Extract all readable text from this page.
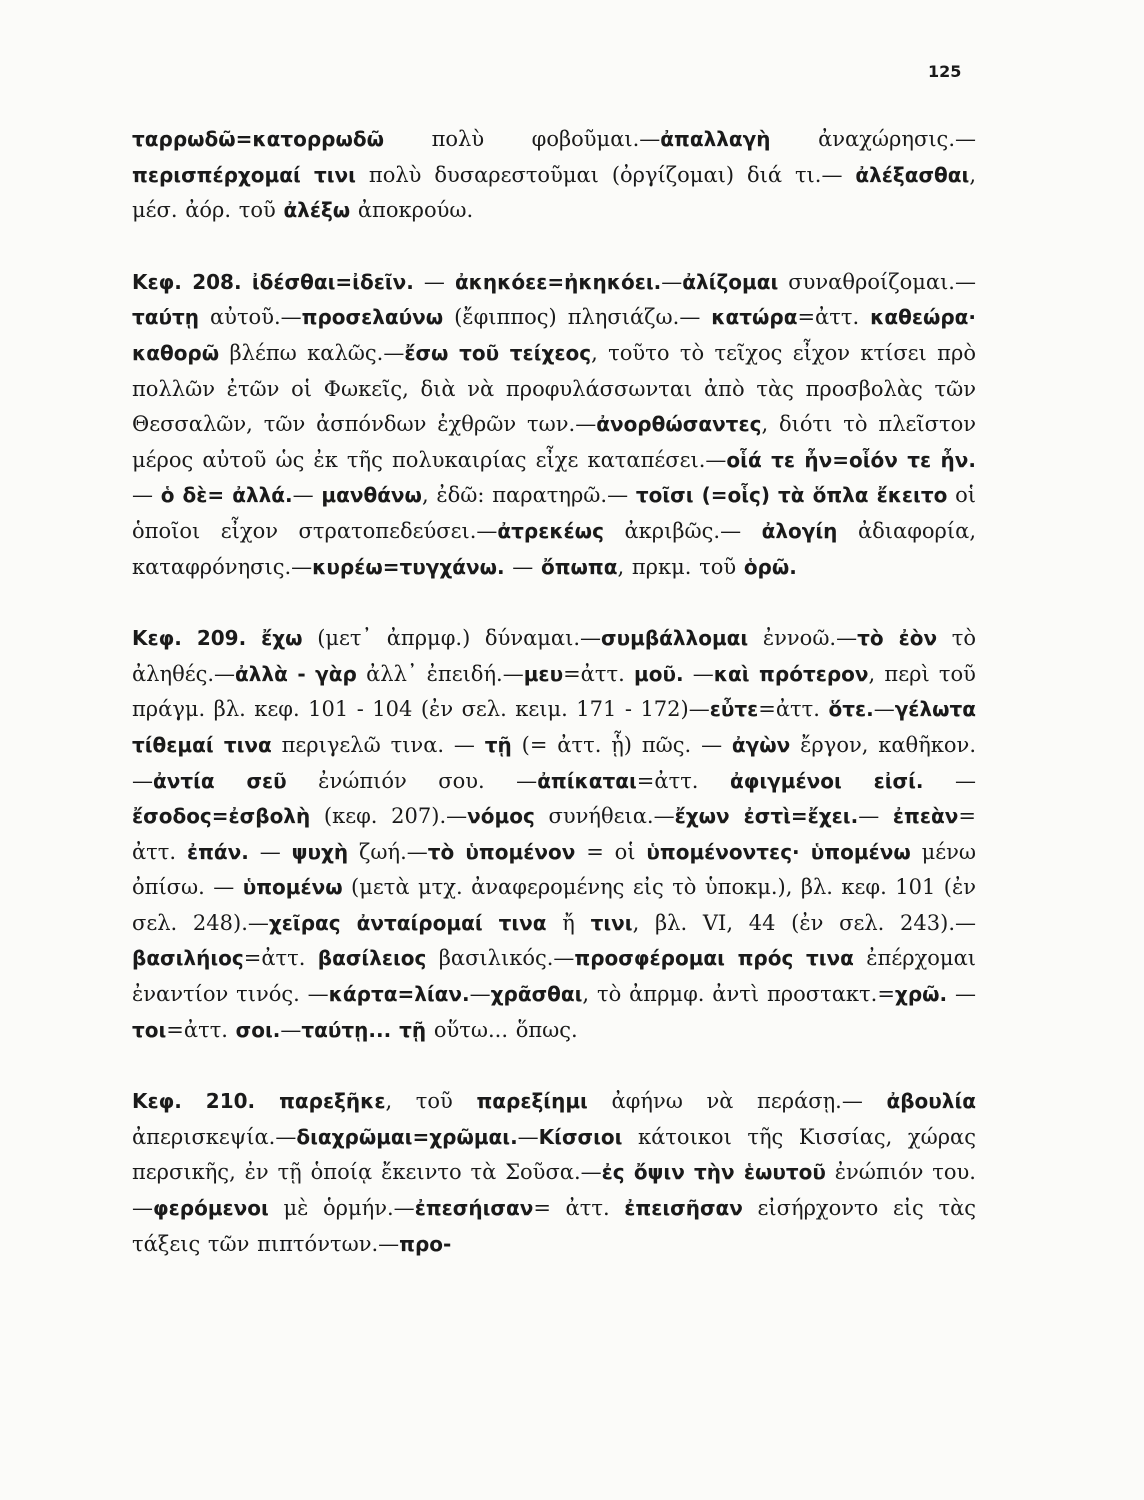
125

ταρρωδῶ=κατορρωδῶ πολὺ φοβοῦμαι.—ἀπαλλαγὴ ἀναχώρησις.— περισπέρχομαί τινι πολὺ δυσαρεστοῦμαι (ὀργίζομαι) διά τι.— ἀλέξασθαι, μέσ. ἀόρ. τοῦ ἀλέξω ἀποκρούω.

Κεφ. 208. ἰδέσθαι=ἰδεῖν. — ἀκηκόεε=ἠκηκόει.—ἀλίζομαι συναθροίζομαι.—ταύτῃ αὐτοῦ.—προσελαύνω (ἔφιππος) πλησιάζω.— κατώρα=ἀττ. καθεώρα· καθορῶ βλέπω καλῶς.—ἔσω τοῦ τείχεος, τοῦτο τὸ τεῖχος εἶχον κτίσει πρὸ πολλῶν ἐτῶν οἱ Φωκεῖς, διὰ νὰ προφυλάσσωνται ἀπὸ τὰς προσβολὰς τῶν Θεσσαλῶν, τῶν ἀσπόνδων ἐχθρῶν των.—ἀνορθώσαντες, διότι τὸ πλεῖστον μέρος αὐτοῦ ὡς ἐκ τῆς πολυκαιρίας εἶχε καταπέσει.—οἷά τε ἦν=οἷόν τε ἦν.— ὁ δὲ= ἀλλά.— μανθάνω, ἐδῶ: παρατηρῶ.— τοῖσι (=οἷς) τὰ ὅπλα ἔκειτο οἱ ὁποῖοι εἶχον στρατοπεδεύσει.—ἀτρεκέως ἀκριβῶς.— ἀλογίη ἀδιαφορία, καταφρόνησις.—κυρέω=τυγχάνω. — ὄπωπα, πρκμ. τοῦ ὁρῶ.

Κεφ. 209. ἔχω (μετ᾽ ἀπρμφ.) δύναμαι.—συμβάλλομαι ἐννοῶ.—τὸ ἐὸν τὸ ἀληθές.—ἀλλὰ - γὰρ ἀλλ᾽ ἐπειδή.—μευ=ἀττ. μοῦ. —καὶ πρότερον, περὶ τοῦ πράγμ. βλ. κεφ. 101 - 104 (ἐν σελ. κειμ. 171 - 172)—εὖτε=ἀττ. ὅτε.—γέλωτα τίθεμαί τινα περιγελῶ τινα. — τῇ (= ἀττ. ᾗ) πῶς. — ἀγὼν ἔργον, καθῆκον. —ἀντία σεῦ ἐνώπιόν σου. —ἀπίκαται=ἀττ. ἀφιγμένοι εἰσί. —ἔσοδος=ἐσβολὴ (κεφ. 207).—νόμος συνήθεια.—ἔχων ἐστὶ=ἔχει.— ἐπεὰν= ἀττ. ἐπάν. — ψυχὴ ζωή.—τὸ ὑπομένον = οἱ ὑπομένοντες· ὑπομένω μένω ὀπίσω. — ὑπομένω (μετὰ μτχ. ἀναφερομένης εἰς τὸ ὑποκμ.), βλ. κεφ. 101 (ἐν σελ. 248).—χεῖρας ἀνταίρομαί τινα ἤ τινι, βλ. VI, 44 (ἐν σελ. 243).—βασιλήιος=ἀττ. βασίλειος βασιλικός.—προσφέρομαι πρός τινα ἐπέρχομαι ἐναντίον τινός. —κάρτα=λίαν.—χρᾶσθαι, τὸ ἀπρμφ. ἀντὶ προστακτ.=χρῶ. — τοι=ἀττ. σοι.—ταύτῃ... τῇ οὕτω... ὅπως.

Κεφ. 210. παρεξῆκε, τοῦ παρεξίημι ἀφήνω νὰ περάσῃ.— ἀβουλία ἀπερισκεψία.—διαχρῶμαι=χρῶμαι.—Κίσσιοι κάτοικοι τῆς Κισσίας, χώρας περσικῆς, ἐν τῇ ὁποίᾳ ἔκειντο τὰ Σοῦσα.—ἐς ὄψιν τὴν ἑωυτοῦ ἐνώπιόν του.—φερόμενοι μὲ ὁρμήν.—ἐπεσήισαν= ἀττ. ἐπεισῆσαν εἰσήρχοντο εἰς τὰς τάξεις τῶν πιπτόντων.—προ-
